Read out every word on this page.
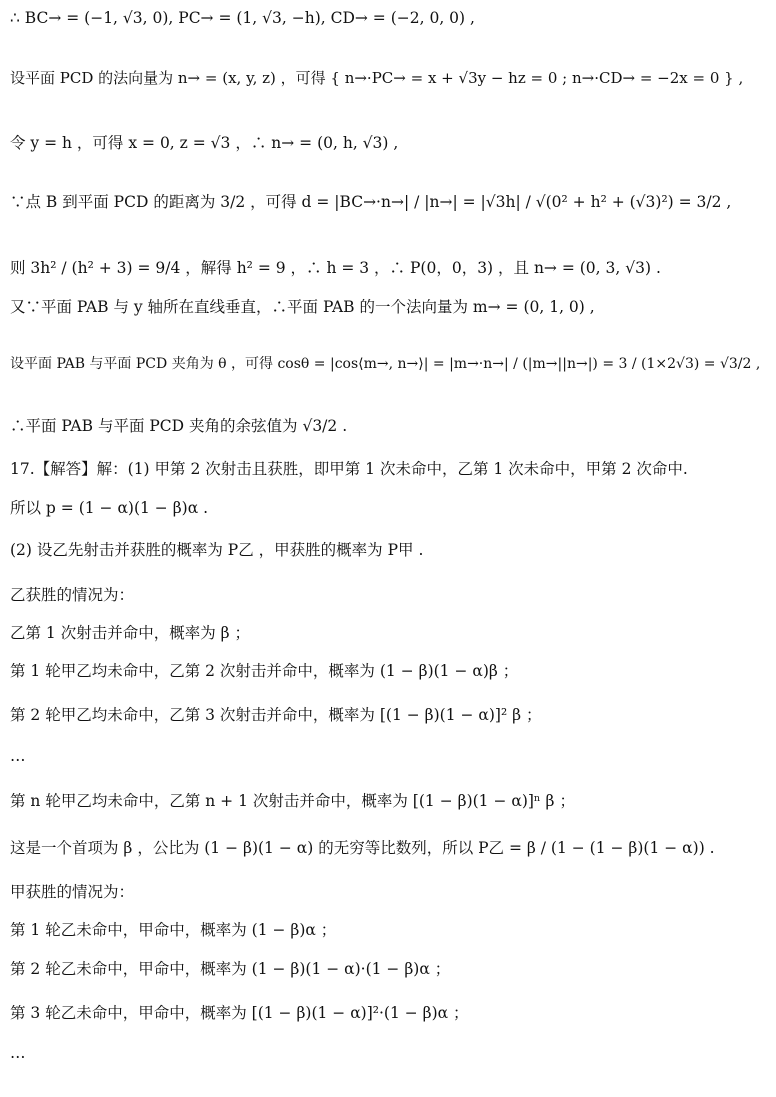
∴ BC→ = (−1, √3, 0), PC→ = (1, √3, −h), CD→ = (−2, 0, 0) ,
设平面 PCD 的法向量为 n→ = (x, y, z) ，可得 { n→·PC→ = x + √3y − hz = 0 ; n→·CD→ = −2x = 0 } ,
令 y = h ，可得 x = 0, z = √3 ，∴ n→ = (0, h, √3) ,
∵点 B 到平面 PCD 的距离为 3/2 ，可得 d = |BC→·n→| / |n→| = |√3h| / √(0² + h² + (√3)²) = 3/2 ,
则 3h² / (h² + 3) = 9/4 ，解得 h² = 9 ，∴ h = 3 ，∴ P(0，0，3) ，且 n→ = (0, 3, √3) .
又∵平面 PAB 与 y 轴所在直线垂直，∴平面 PAB 的一个法向量为 m→ = (0, 1, 0) ,
设平面 PAB 与平面 PCD 夹角为 θ ，可得 cosθ = |cos⟨m→, n→⟩| = |m→·n→| / (|m→||n→|) = 3 / (1×2√3) = √3/2 ,
∴平面 PAB 与平面 PCD 夹角的余弦值为 √3/2 .
17.【解答】解：(1) 甲第 2 次射击且获胜，即甲第 1 次未命中，乙第 1 次未命中，甲第 2 次命中.
所以 p = (1 − α)(1 − β)α .
(2) 设乙先射击并获胜的概率为 P乙 ，甲获胜的概率为 P甲 .
乙获胜的情况为：
乙第 1 次射击并命中，概率为 β ；
第 1 轮甲乙均未命中，乙第 2 次射击并命中，概率为 (1 − β)(1 − α)β ；
第 2 轮甲乙均未命中，乙第 3 次射击并命中，概率为 [(1 − β)(1 − α)]² β ；
…
第 n 轮甲乙均未命中，乙第 n + 1 次射击并命中，概率为 [(1 − β)(1 − α)]ⁿ β ；
这是一个首项为 β ，公比为 (1 − β)(1 − α) 的无穷等比数列，所以 P乙 = β / (1 − (1 − β)(1 − α)) .
甲获胜的情况为：
第 1 轮乙未命中，甲命中，概率为 (1 − β)α ；
第 2 轮乙未命中，甲命中，概率为 (1 − β)(1 − α)·(1 − β)α ；
第 3 轮乙未命中，甲命中，概率为 [(1 − β)(1 − α)]²·(1 − β)α ；
…
